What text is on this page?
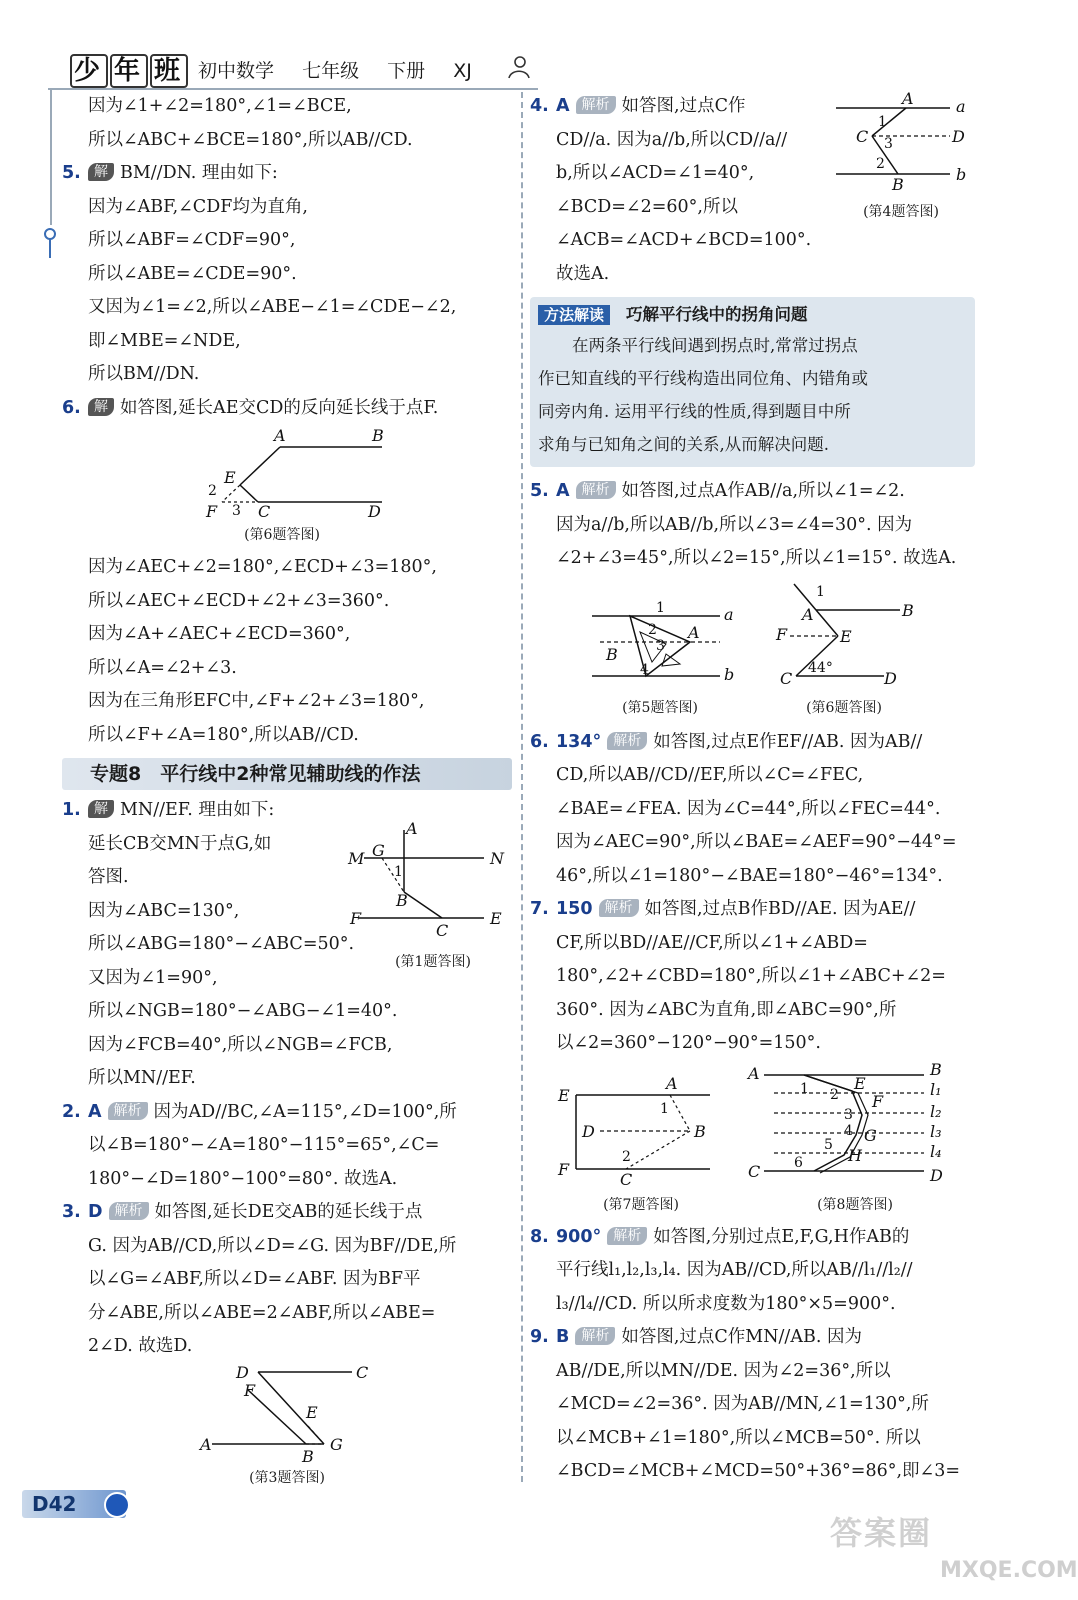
少 年 班 初中数学 七年级 下册 XJ
因为∠1+∠2=180°,∠1=∠BCE,
所以∠ABC+∠BCE=180°,所以AB//CD.
5. 解 BM//DN. 理由如下:
因为∠ABF,∠CDF均为直角,
所以∠ABF=∠CDF=90°,
所以∠ABE=∠CDE=90°.
又因为∠1=∠2,所以∠ABE−∠1=∠CDE−∠2,
即∠MBE=∠NDE,
所以BM//DN.
6. 解 如答图,延长AE交CD的反向延长线于点F.
A	B
E
2
F 3 C	D
(第6题答图)
因为∠AEC+∠2=180°,∠ECD+∠3=180°,
所以∠AEC+∠ECD+∠2+∠3=360°.
因为∠A+∠AEC+∠ECD=360°,
所以∠A=∠2+∠3.
因为在三角形EFC中,∠F+∠2+∠3=180°,
所以∠F+∠A=180°,所以AB//CD.
专题8　平行线中2种常见辅助线的作法
1. 解 MN//EF. 理由如下:
延长CB交MN于点G,如
答图.
因为∠ABC=130°,
所以∠ABG=180°−∠ABC=50°.
又因为∠1=90°,
所以∠NGB=180°−∠ABG−∠1=40°.
因为∠FCB=40°,所以∠NGB=∠FCB,
所以MN//EF.
A
M G	N
1
B
F
C
E
(第1题答图)
2. A 解析 因为AD//BC,∠A=115°,∠D=100°,所
以∠B=180°−∠A=180°−115°=65°,∠C=
180°−∠D=180°−100°=80°. 故选A.
3. D 解析 如答图,延长DE交AB的延长线于点
G. 因为AB//CD,所以∠D=∠G. 因为BF//DE,所
以∠G=∠ABF,所以∠D=∠ABF. 因为BF平
分∠ABE,所以∠ABE=2∠ABF,所以∠ABE=
2∠D. 故选D.
D	C
F
E
A
B
G
(第3题答图)
4. A 解析 如答图,过点C作
CD//a. 因为a//b,所以CD//a//
b,所以∠ACD=∠1=40°,
∠BCD=∠2=60°,所以
∠ACB=∠ACD+∠BCD=100°.
故选A.
A	a
C
1
3	D
2
B
b
(第4题答图)
方法解读 巧解平行线中的拐角问题
在两条平行线间遇到拐点时,常常过拐点
作已知直线的平行线构造出同位角、内错角或
同旁内角. 运用平行线的性质,得到题目中所
求角与已知角之间的关系,从而解决问题.
5. A 解析 如答图,过点A作AB//a,所以∠1=∠2.
因为a//b,所以AB//b,所以∠3=∠4=30°. 因为
∠2+∠3=45°,所以∠2=15°,所以∠1=15°. 故选A.
1	a
2
3
A
B
4	b
(第5题答图)
1
A	B
F	E
44°
C	D
(第6题答图)
6. 134° 解析 如答图,过点E作EF//AB. 因为AB//
CD,所以AB//CD//EF,所以∠C=∠FEC,
∠BAE=∠FEA. 因为∠C=44°,所以∠FEC=44°.
因为∠AEC=90°,所以∠BAE=∠AEF=90°−44°=
46°,所以∠1=180°−∠BAE=180°−46°=134°.
7. 150 解析 如答图,过点B作BD//AE. 因为AE//
CF,所以BD//AE//CF,所以∠1+∠ABD=
180°,∠2+∠CBD=180°,所以∠1+∠ABC+∠2=
360°. 因为∠ABC为直角,即∠ABC=90°,所
以∠2=360°−120°−90°=150°.
E
A
1
D	B
2
F
C
(第7题答图)
A	B
l₁
l₂
l₃
l₄
1	E
2 F
3
4 G
5
H
6
C	D
(第8题答图)
8. 900° 解析 如答图,分别过点E,F,G,H作AB的
平行线l₁,l₂,l₃,l₄. 因为AB//CD,所以AB//l₁//l₂//
l₃//l₄//CD. 所以所求度数为180°×5=900°.
9. B 解析 如答图,过点C作MN//AB. 因为
AB//DE,所以MN//DE. 因为∠2=36°,所以
∠MCD=∠2=36°. 因为AB//MN,∠1=130°,所
以∠MCB+∠1=180°,所以∠MCB=50°. 所以
∠BCD=∠MCB+∠MCD=50°+36°=86°,即∠3=
D42
答案圈
MXQE.COM
